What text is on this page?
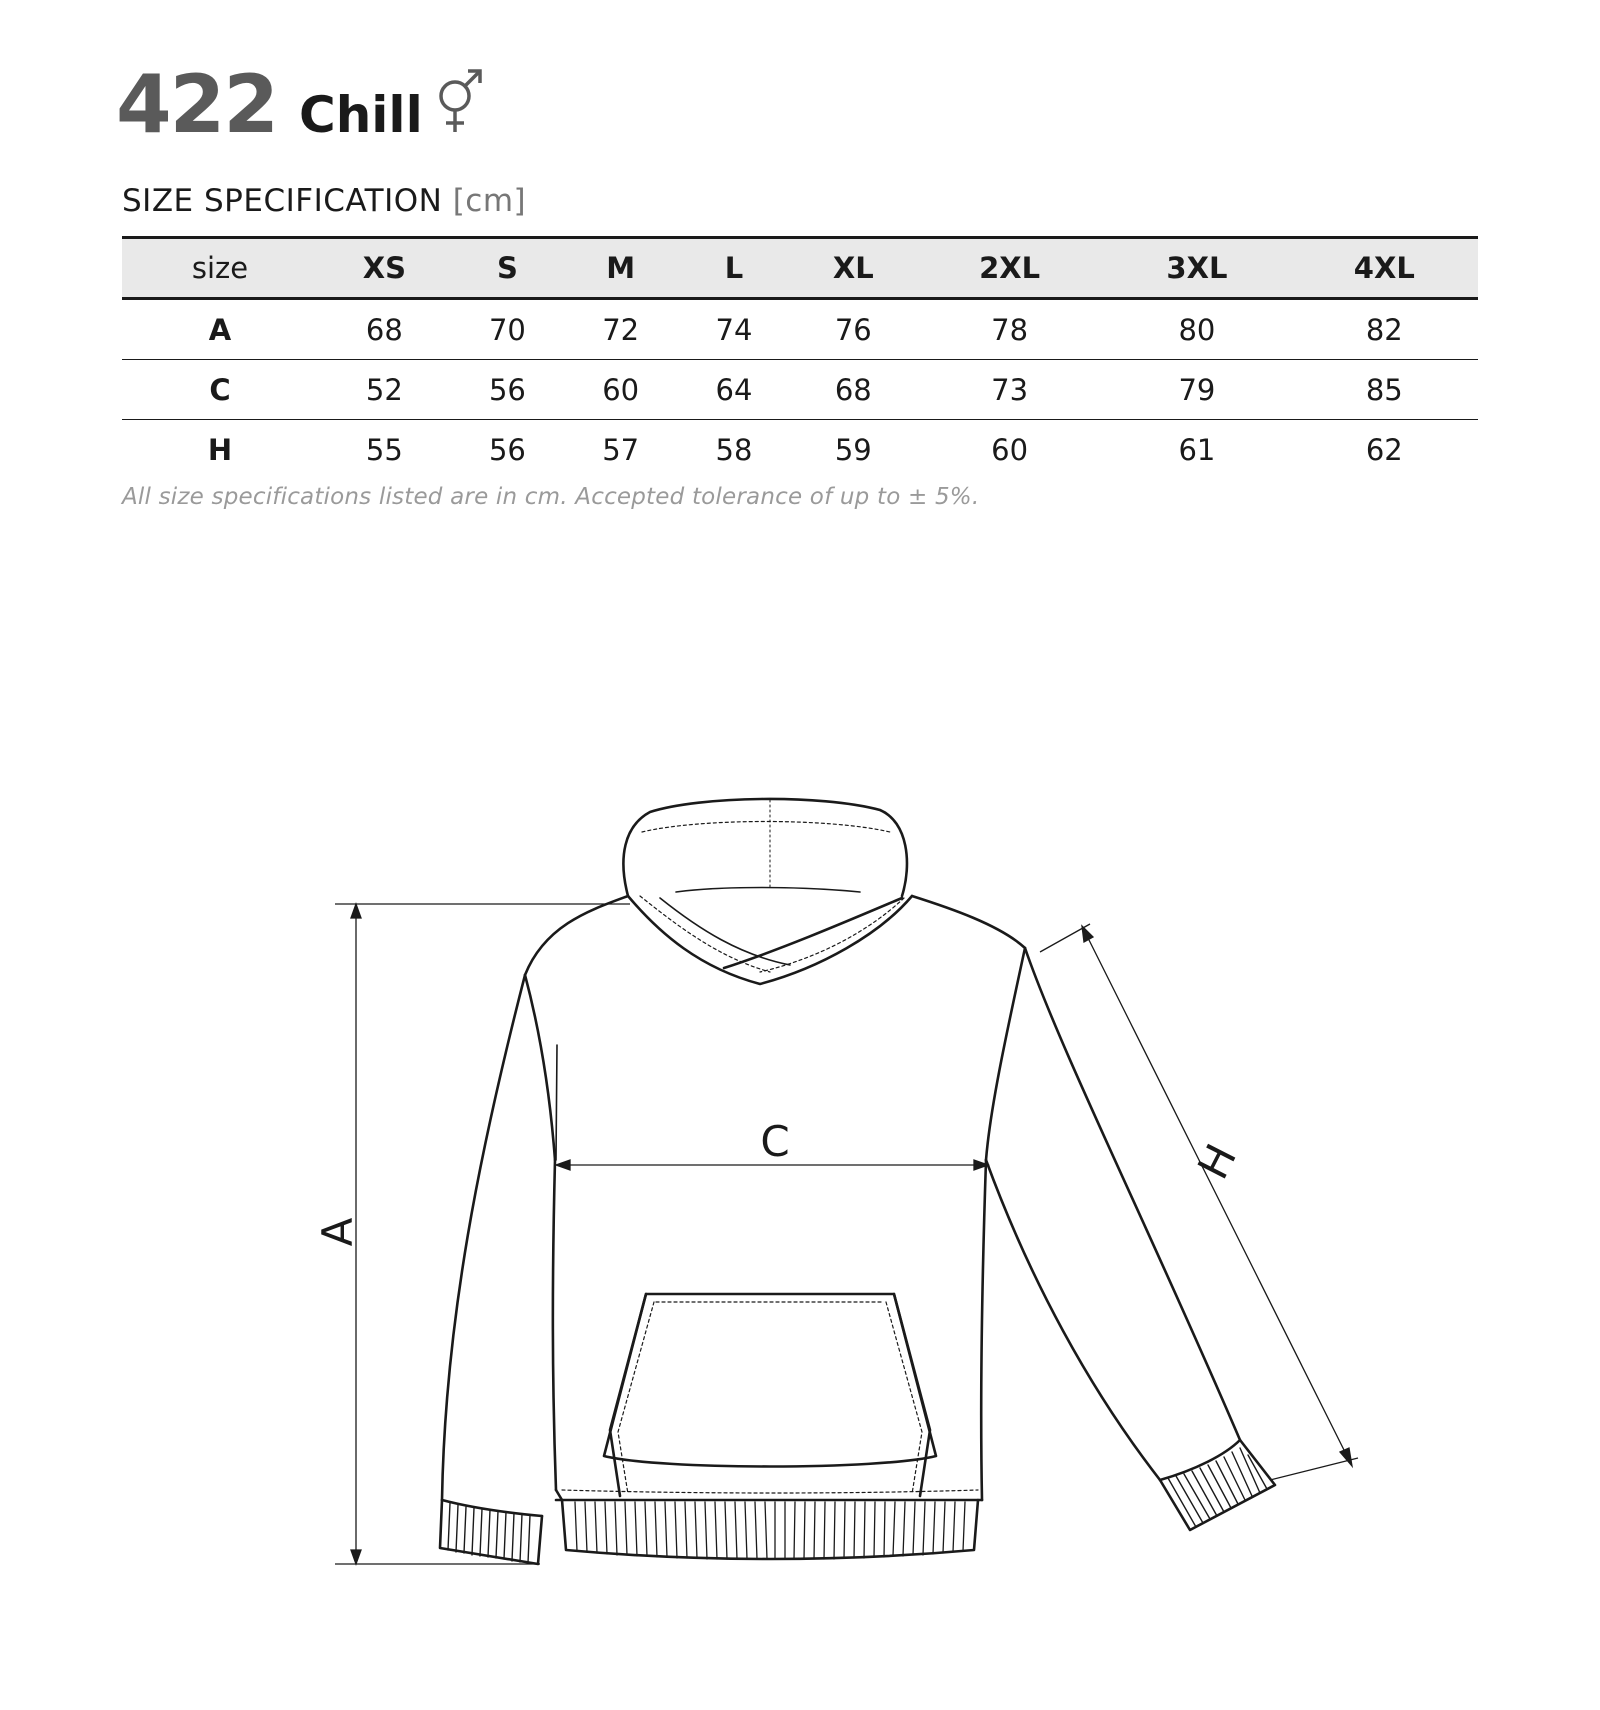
422 Chill
SIZE SPECIFICATION [cm]
size	XS	S	M	L	XL	2XL	3XL	4XL
A	68	70	72	74	76	78	80	82
C	52	56	60	64	68	73	79	85
H	55	56	57	58	59	60	61	62
All size specifications listed are in cm. Accepted tolerance of up to ± 5%.
C
A
H
